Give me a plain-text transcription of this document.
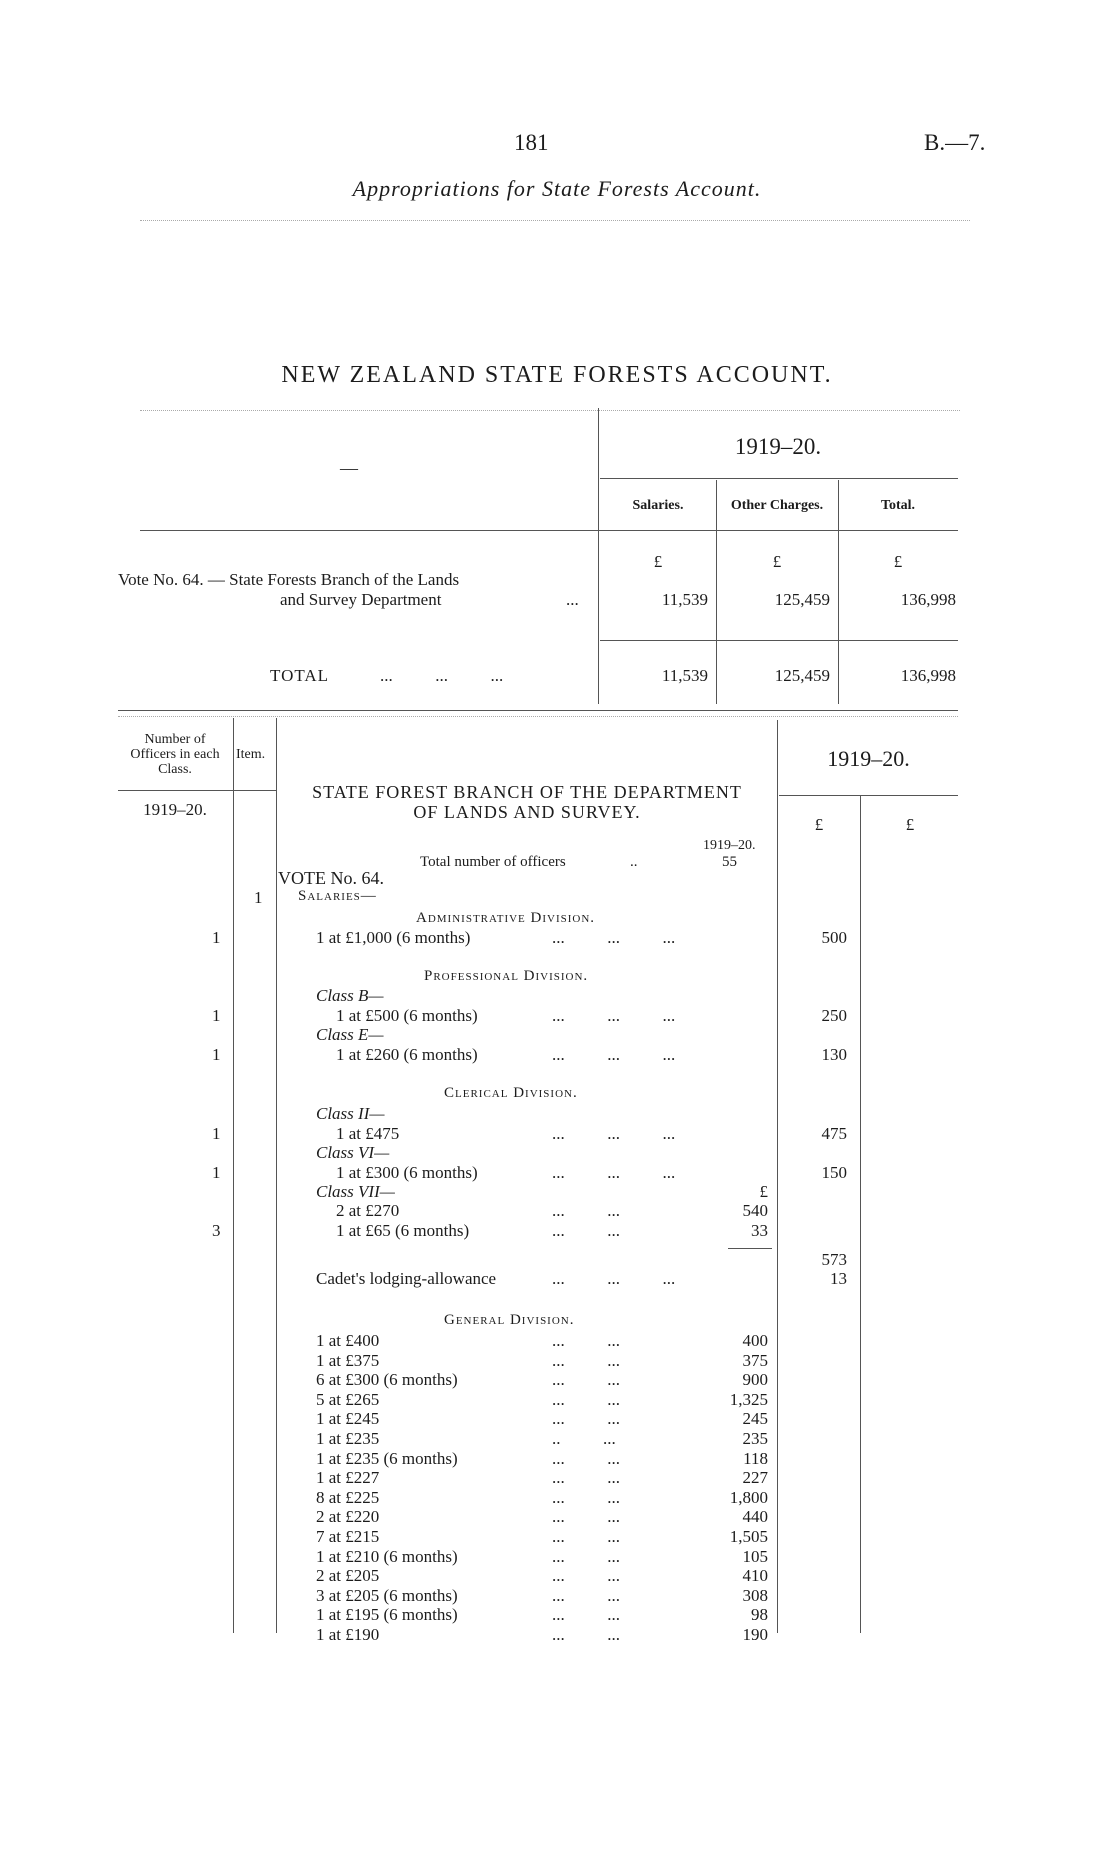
181	B.—7.
Appropriations for State Forests Account.
NEW ZEALAND STATE FORESTS ACCOUNT.
—
1919–20.
Salaries.	Other Charges.	Total.
£	£	£
Vote No. 64. — State Forests Branch of the Lands
and Survey Department	...	11,539	125,459	136,998
TOTAL	...          ...          ...	11,539	125,459	136,998
Number of
Officers in each
Class.
Item.
1919–20.
1919–20.
£	£
STATE FOREST BRANCH OF THE DEPARTMENT
OF LANDS AND SURVEY.
1919–20.
Total number of officers	..	55
VOTE No. 64.
1 Salaries—
Administrative Division.
1	1 at £1,000 (6 months)	...          ...          ...	500
Professional Division.
Class B—
1	1 at £500 (6 months)	...          ...          ...	250
Class E—
1	1 at £260 (6 months)	...          ...          ...	130
Clerical Division.
Class II—
1	1 at £475	...          ...          ...	475
Class VI—
1	1 at £300 (6 months)	...          ...          ...	150
Class VII—	£
2 at £270	...          ...	540
3	1 at £65 (6 months)	...          ...	33
573
Cadet's lodging-allowance	...          ...          ...	13
General Division.
1 at £400	...          ...	400
1 at £375	...          ...	375
6 at £300 (6 months)	...          ...	900
5 at £265	...          ...	1,325
1 at £245	...          ...	245
1 at £235	..          ...	235
1 at £235 (6 months)	...          ...	118
1 at £227	...          ...	227
8 at £225	...          ...	1,800
2 at £220	...          ...	440
7 at £215	...          ...	1,505
1 at £210 (6 months)	...          ...	105
2 at £205	...          ...	410
3 at £205 (6 months)	...          ...	308
1 at £195 (6 months)	...          ...	98
1 at £190	...          ...	190
